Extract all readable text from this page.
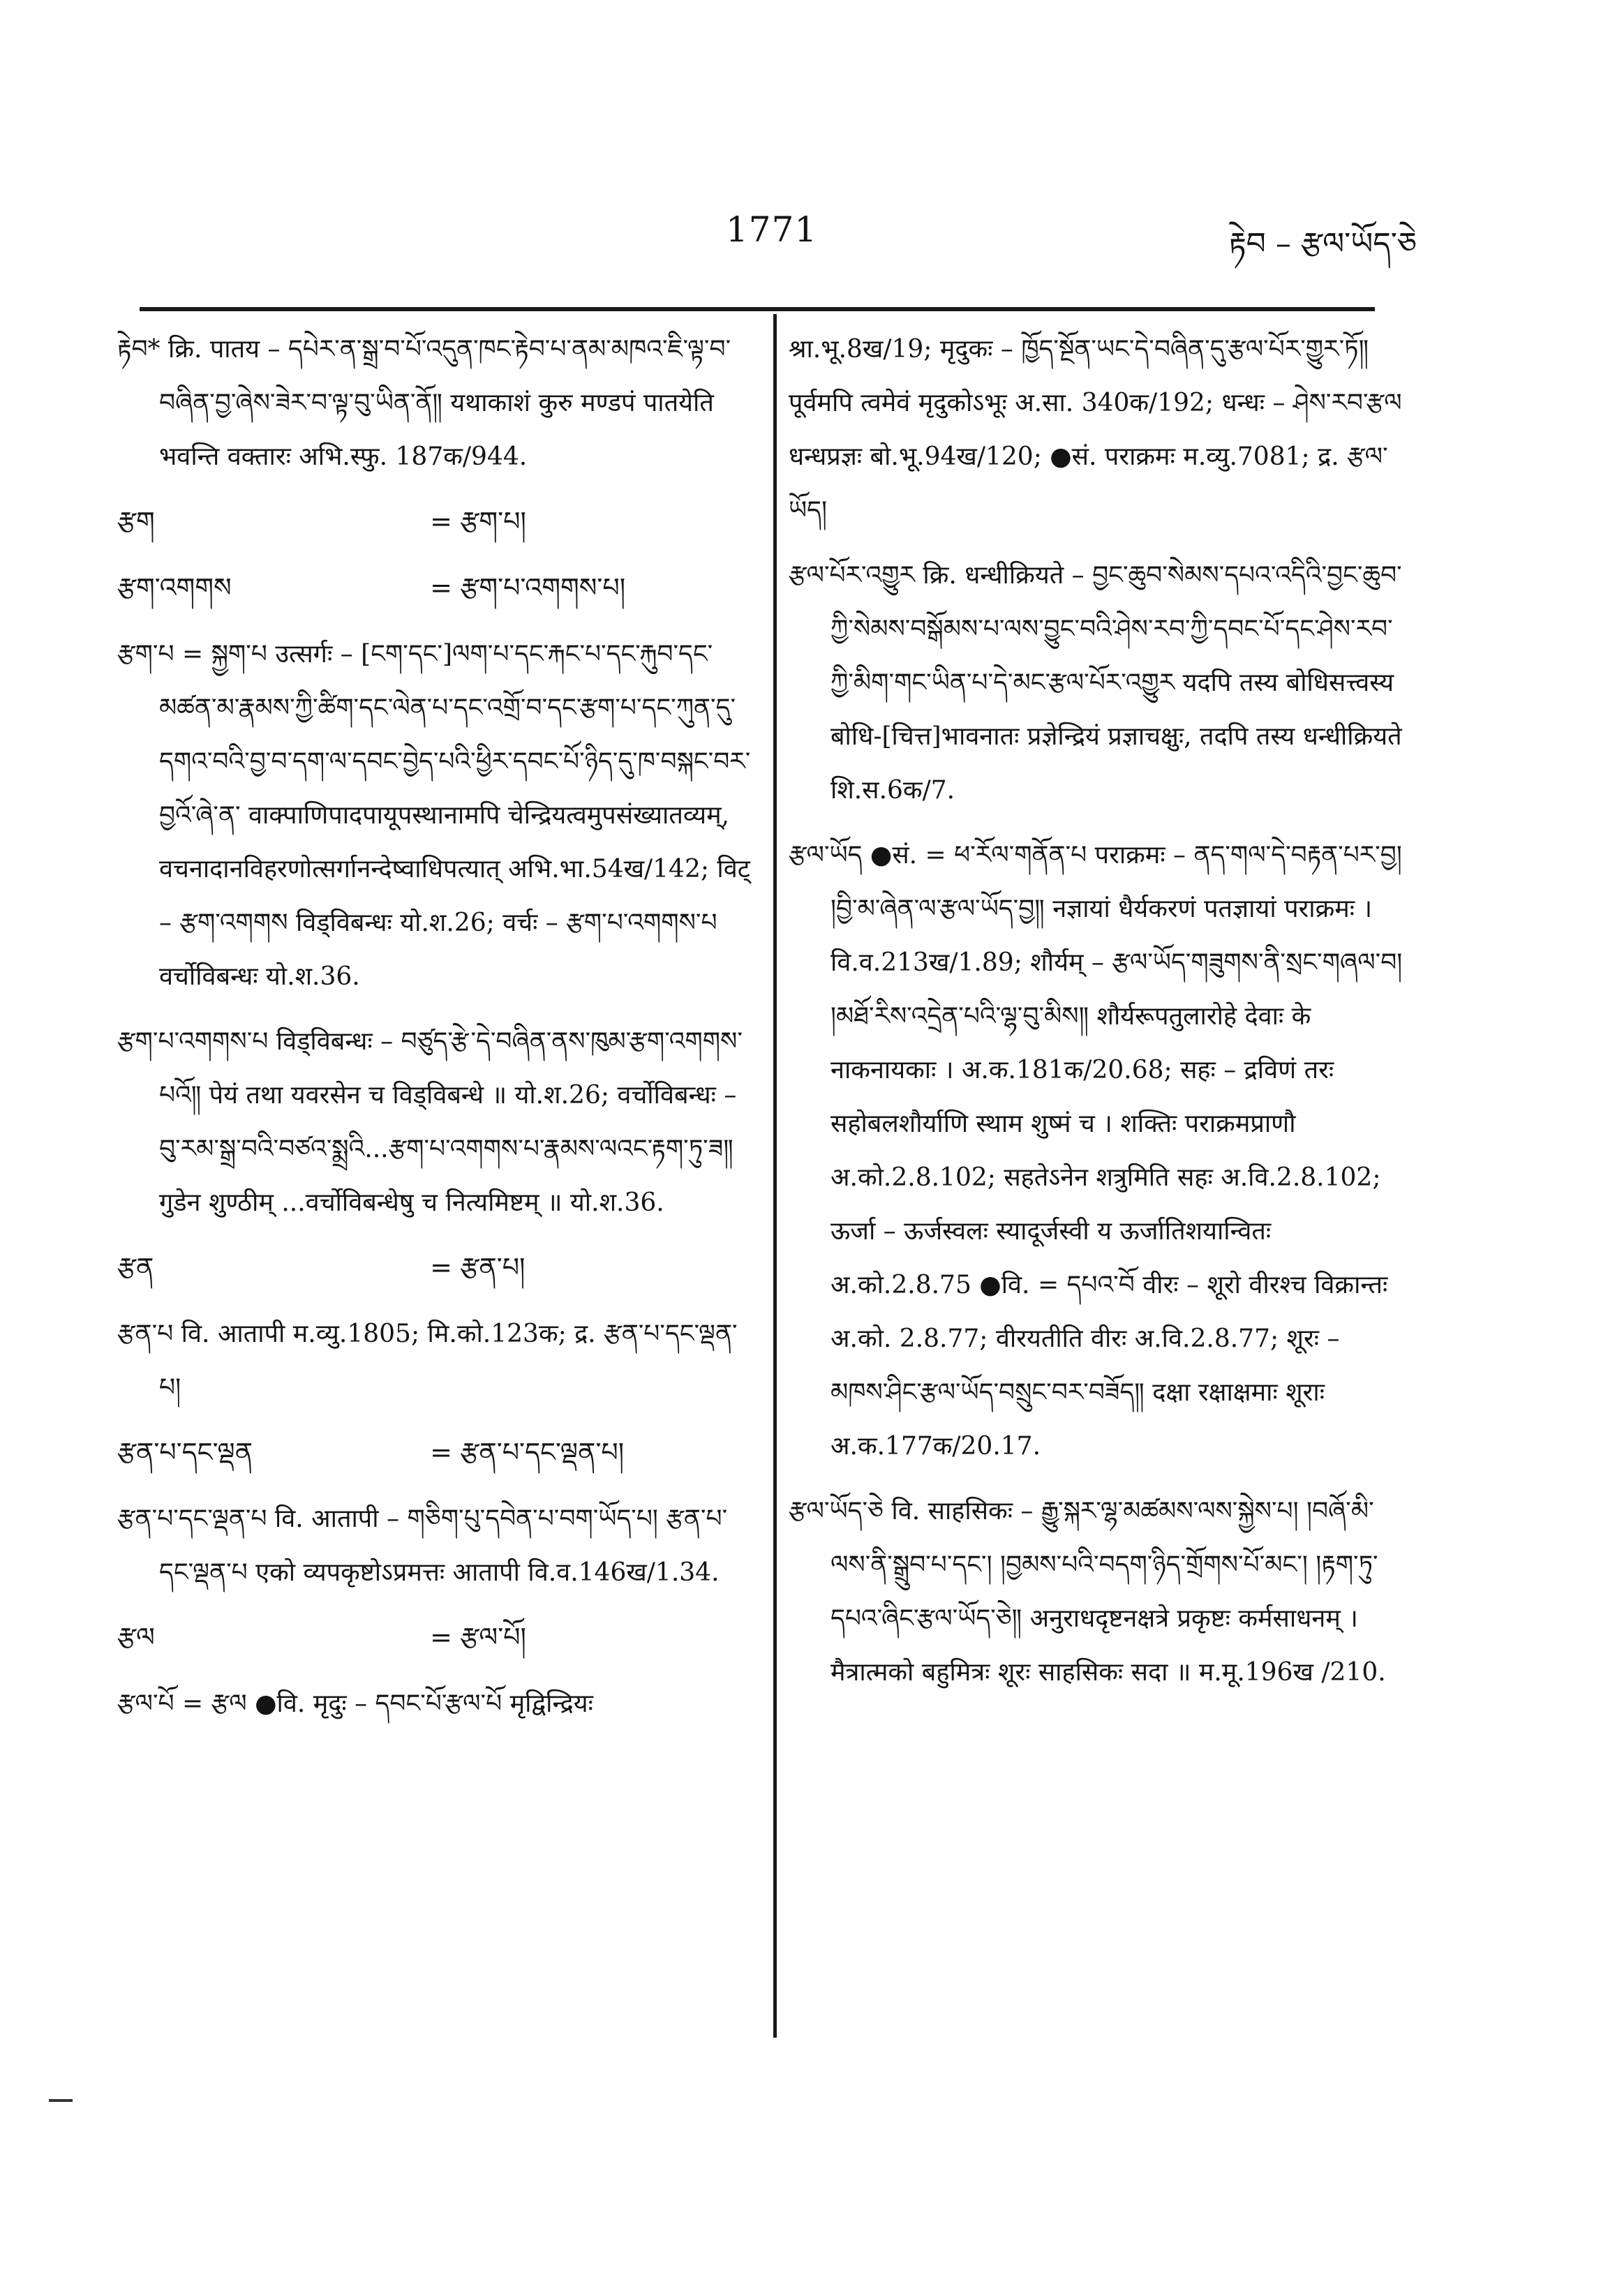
1771	རྟེབ – རྩལ་ཡོད་ཅེ
རྟེབ* क्रि. पातय – དཔེར་ན་སྒྲ་བ་པོ་འདུན་ཁང་རྟེབ་པ་ནམ་མཁའ་ཇི་ལྟ་བ་བཞིན་བྱ་ཞེས་ཟེར་བ་ལྟ་བུ་ཡིན་ནོ༎ यथाकाशं कुरु मण्डपं पातयेति भवन्ति वक्तारः अभि.स्फु. 187क/944.
རྩག	= རྩག་པ།
རྩག་འགགས	= རྩག་པ་འགགས་པ།
རྩག་པ = སྐྱག་པ उत्सर्गः – [ངག་དང་]ལག་པ་དང་རྐང་པ་དང་རྐུབ་དང་མཚན་མ་རྣམས་ཀྱི་ཚིག་དང་ལེན་པ་དང་འགྲོ་བ་དང་རྩག་པ་དང་ཀུན་དུ་དགའ་བའི་བྱ་བ་དག་ལ་དབང་བྱེད་པའི་ཕྱིར་དབང་པོ་ཉིད་དུ་ཁ་བསྐང་བར་བྱའོ་ཞེ་ན་ वाक्पाणिपादपायूपस्थानामपि चेन्द्रियत्वमुपसंख्यातव्यम्, वचनादानविहरणोत्सर्गानन्देष्वाधिपत्यात् अभि.भा.54ख/142; विट् – རྩག་འགགས विड्विबन्धः यो.श.26; वर्चः – རྩག་པ་འགགས་པ वर्चोविबन्धः यो.श.36.
རྩག་པ་འགགས་པ विड्विबन्धः – བཙུད་རྩེ་དེ་བཞིན་ནས་ཁུམ་རྩག་འགགས་པའོ༎ पेयं तथा यवरसेन च विड्विबन्धे ॥ यो.श.26; वर्चोविबन्धः – བུ་རམ་སྒྲ་བའི་བཙའ་སྨྲའི...རྩག་པ་འགགས་པ་རྣམས་ལའང་རྟག་ཏུ་ཟ༎ गुडेन शुण्ठीम् ...वर्चोविबन्धेषु च नित्यमिष्टम् ॥ यो.श.36.
རྩན	= རྩན་པ།
རྩན་པ वि. आतापी म.व्यु.1805; मि.को.123क; द्र. རྩན་པ་དང་ལྡན་པ།
རྩན་པ་དང་ལྡན	= རྩན་པ་དང་ལྡན་པ།
རྩན་པ་དང་ལྡན་པ वि. आतापी – གཅིག་པུ་དབེན་པ་བག་ཡོད་པ། རྩན་པ་དང་ལྡན་པ एको व्यपकृष्टोऽप्रमत्तः आतापी वि.व.146ख/1.34.
རྩལ	= རྩལ་པོ།
རྩལ་པོ = རྩལ ●वि. मृदुः – དབང་པོ་རྩལ་པོ मृद्विन्द्रियः
श्रा.भू.8ख/19; मृदुकः – ཁྱོད་སྔོན་ཡང་དེ་བཞིན་དུ་རྩལ་པོར་གྱུར་ཏོ༎ पूर्वमपि त्वमेवं मृदुकोऽभूः अ.सा. 340क/192; धन्धः – ཤེས་རབ་རྩལ धन्धप्रज्ञः बो.भू.94ख/120; ●सं. पराक्रमः म.व्यु.7081; द्र. རྩལ་ཡོད།
རྩལ་པོར་འགྱུར क्रि. धन्धीक्रियते – བྱང་ཆུབ་སེམས་དཔའ་འདིའི་བྱང་ཆུབ་ཀྱི་སེམས་བསྒོམས་པ་ལས་བྱུང་བའི་ཤེས་རབ་ཀྱི་དབང་པོ་དང་ཤེས་རབ་ཀྱི་མིག་གང་ཡིན་པ་དེ་མང་རྩལ་པོར་འགྱུར यदपि तस्य बोधिसत्त्वस्य बोधि-[चित्त]भावनातः प्रज्ञेन्द्रियं प्रज्ञाचक्षुः, तदपि तस्य धन्धीक्रियते शि.स.6क/7.
རྩལ་ཡོད ●सं. = ཕ་རོལ་གནོན་པ पराक्रमः – ནད་གལ་དེ་བརྟན་པར་བྱ། །བྱི་མ་ཞེན་ལ་རྩལ་ཡོད་བྱ༎ नज्ञायां धैर्यकरणं पतज्ञायां पराक्रमः । वि.व.213ख/1.89; शौर्यम् – རྩལ་ཡོད་གཟུགས་ནི་སྲང་གཞལ་བ། །མཐོ་རིས་འདྲེན་པའི་ལྷ་བུ་མིས༎ शौर्यरूपतुलारोहे देवाः के नाकनायकाः । अ.क.181क/20.68; सहः – द्रविणं तरः सहोबलशौर्याणि स्थाम शुष्मं च । शक्तिः पराक्रमप्राणौ अ.को.2.8.102; सहतेऽनेन शत्रुमिति सहः अ.वि.2.8.102; ऊर्जा – ऊर्जस्वलः स्यादूर्जस्वी य ऊर्जातिशयान्वितः अ.को.2.8.75 ●वि. = དཔའ་བོ वीरः – शूरो वीरश्च विक्रान्तः अ.को. 2.8.77; वीरयतीति वीरः अ.वि.2.8.77; शूरः – མཁས་ཤིང་རྩལ་ཡོད་བསྲུང་བར་བཟོད༎ दक्षा रक्षाक्षमाः शूराः अ.क.177क/20.17.
རྩལ་ཡོད་ཅེ वि. साहसिकः – རྒྱུ་སྐར་ལྷ་མཚམས་ལས་སྐྱེས་པ། །བཞོ་མི་ལས་ནི་སྒྲུབ་པ་དང་། །བྱམས་པའི་བདག་ཉིད་གྲོགས་པོ་མང་། །རྟག་ཏུ་དཔའ་ཞིང་རྩལ་ཡོད་ཅེ༎ अनुराधदृष्टनक्षत्रे प्रकृष्टः कर्मसाधनम् । मैत्रात्मको बहुमित्रः शूरः साहसिकः सदा ॥ म.मू.196ख /210.
